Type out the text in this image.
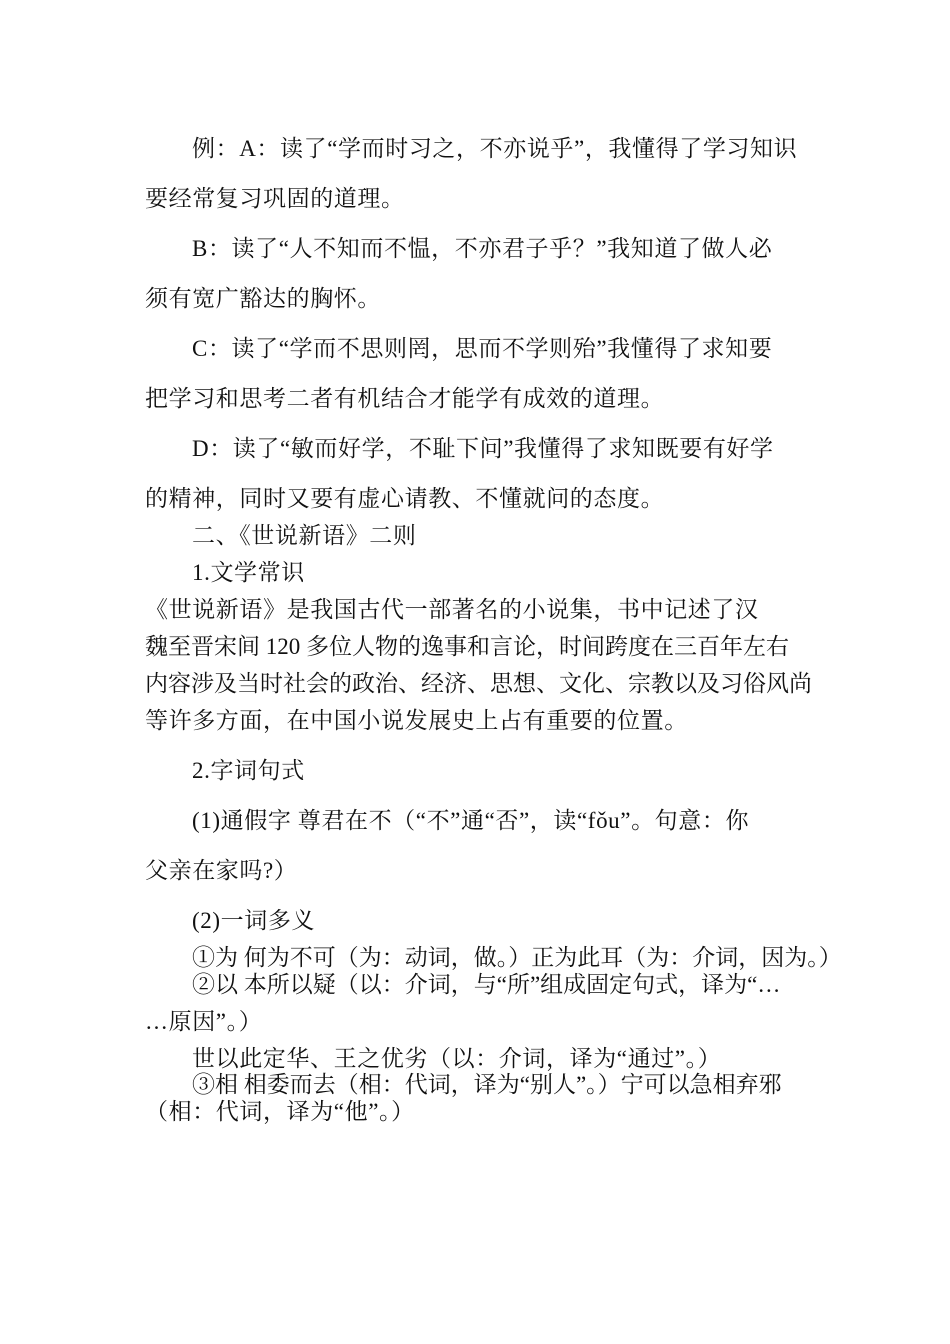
例：A：读了“学而时习之，不亦说乎”，我懂得了学习知识
要经常复习巩固的道理。
B：读了“人不知而不愠，不亦君子乎？”我知道了做人必
须有宽广豁达的胸怀。
C：读了“学而不思则罔，思而不学则殆”我懂得了求知要
把学习和思考二者有机结合才能学有成效的道理。
D：读了“敏而好学，不耻下问”我懂得了求知既要有好学
的精神，同时又要有虚心请教、不懂就问的态度。
二、《世说新语》二则
1.文学常识
《世说新语》是我国古代一部著名的小说集，书中记述了汉
魏至晋宋间 120 多位人物的逸事和言论，时间跨度在三百年左右
内容涉及当时社会的政治、经济、思想、文化、宗教以及习俗风尚
等许多方面，在中国小说发展史上占有重要的位置。
2.字词句式
(1)通假字 尊君在不（“不”通“否”，读“fǒu”。句意：你
父亲在家吗?）
(2)一词多义
①为 何为不可（为：动词，做。）正为此耳（为：介词，因为。）
②以 本所以疑（以：介词，与“所”组成固定句式，译为“…
…原因”。）
世以此定华、王之优劣（以：介词，译为“通过”。）
③相 相委而去（相：代词，译为“别人”。）宁可以急相弃邪
（相：代词，译为“他”。）
